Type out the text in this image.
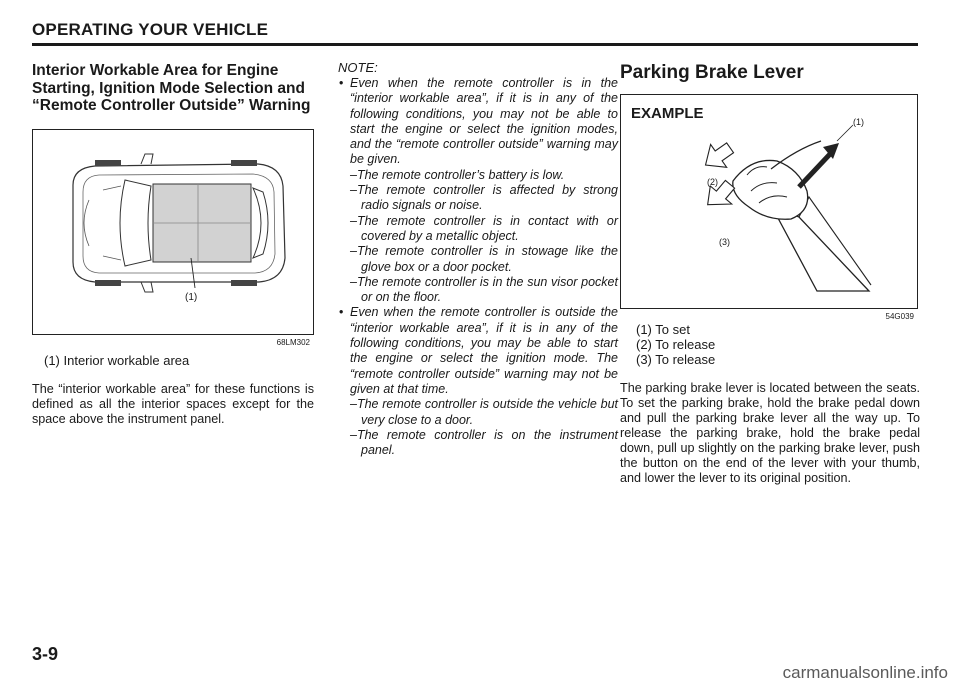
OPERATING YOUR VEHICLE
Interior Workable Area for Engine Starting, Ignition Mode Selection and “Remote Controller Outside” Warning
(1)
68LM302
(1) Interior workable area
The “interior workable area” for these functions is defined as all the interior spaces except for the space above the instrument panel.
NOTE:
• Even when the remote controller is in the “interior workable area”, if it is in any of the following conditions, you may not be able to start the engine or select the ignition modes, and the “remote controller outside” warning may be given.
–The remote controller’s battery is low.
–The remote controller is affected by strong radio signals or noise.
–The remote controller is in contact with or covered by a metallic object.
–The remote controller is in stowage like the glove box or a door pocket.
–The remote controller is in the sun visor pocket or on the floor.
• Even when the remote controller is outside the “interior workable area”, if it is in any of the following conditions, you may be able to start the engine or select the ignition mode. The “remote controller outside” warning may not be given at that time.
–The remote controller is outside the vehicle but very close to a door.
–The remote controller is on the instrument panel.
Parking Brake Lever
EXAMPLE	(1)
(2)
(3)
54G039
(1) To set
(2) To release
(3) To release
The parking brake lever is located between the seats. To set the parking brake, hold the brake pedal down and pull the parking brake lever all the way up. To release the parking brake, hold the brake pedal down, pull up slightly on the parking brake lever, push the button on the end of the lever with your thumb, and lower the lever to its original position.
3-9
carmanualsonline.info
